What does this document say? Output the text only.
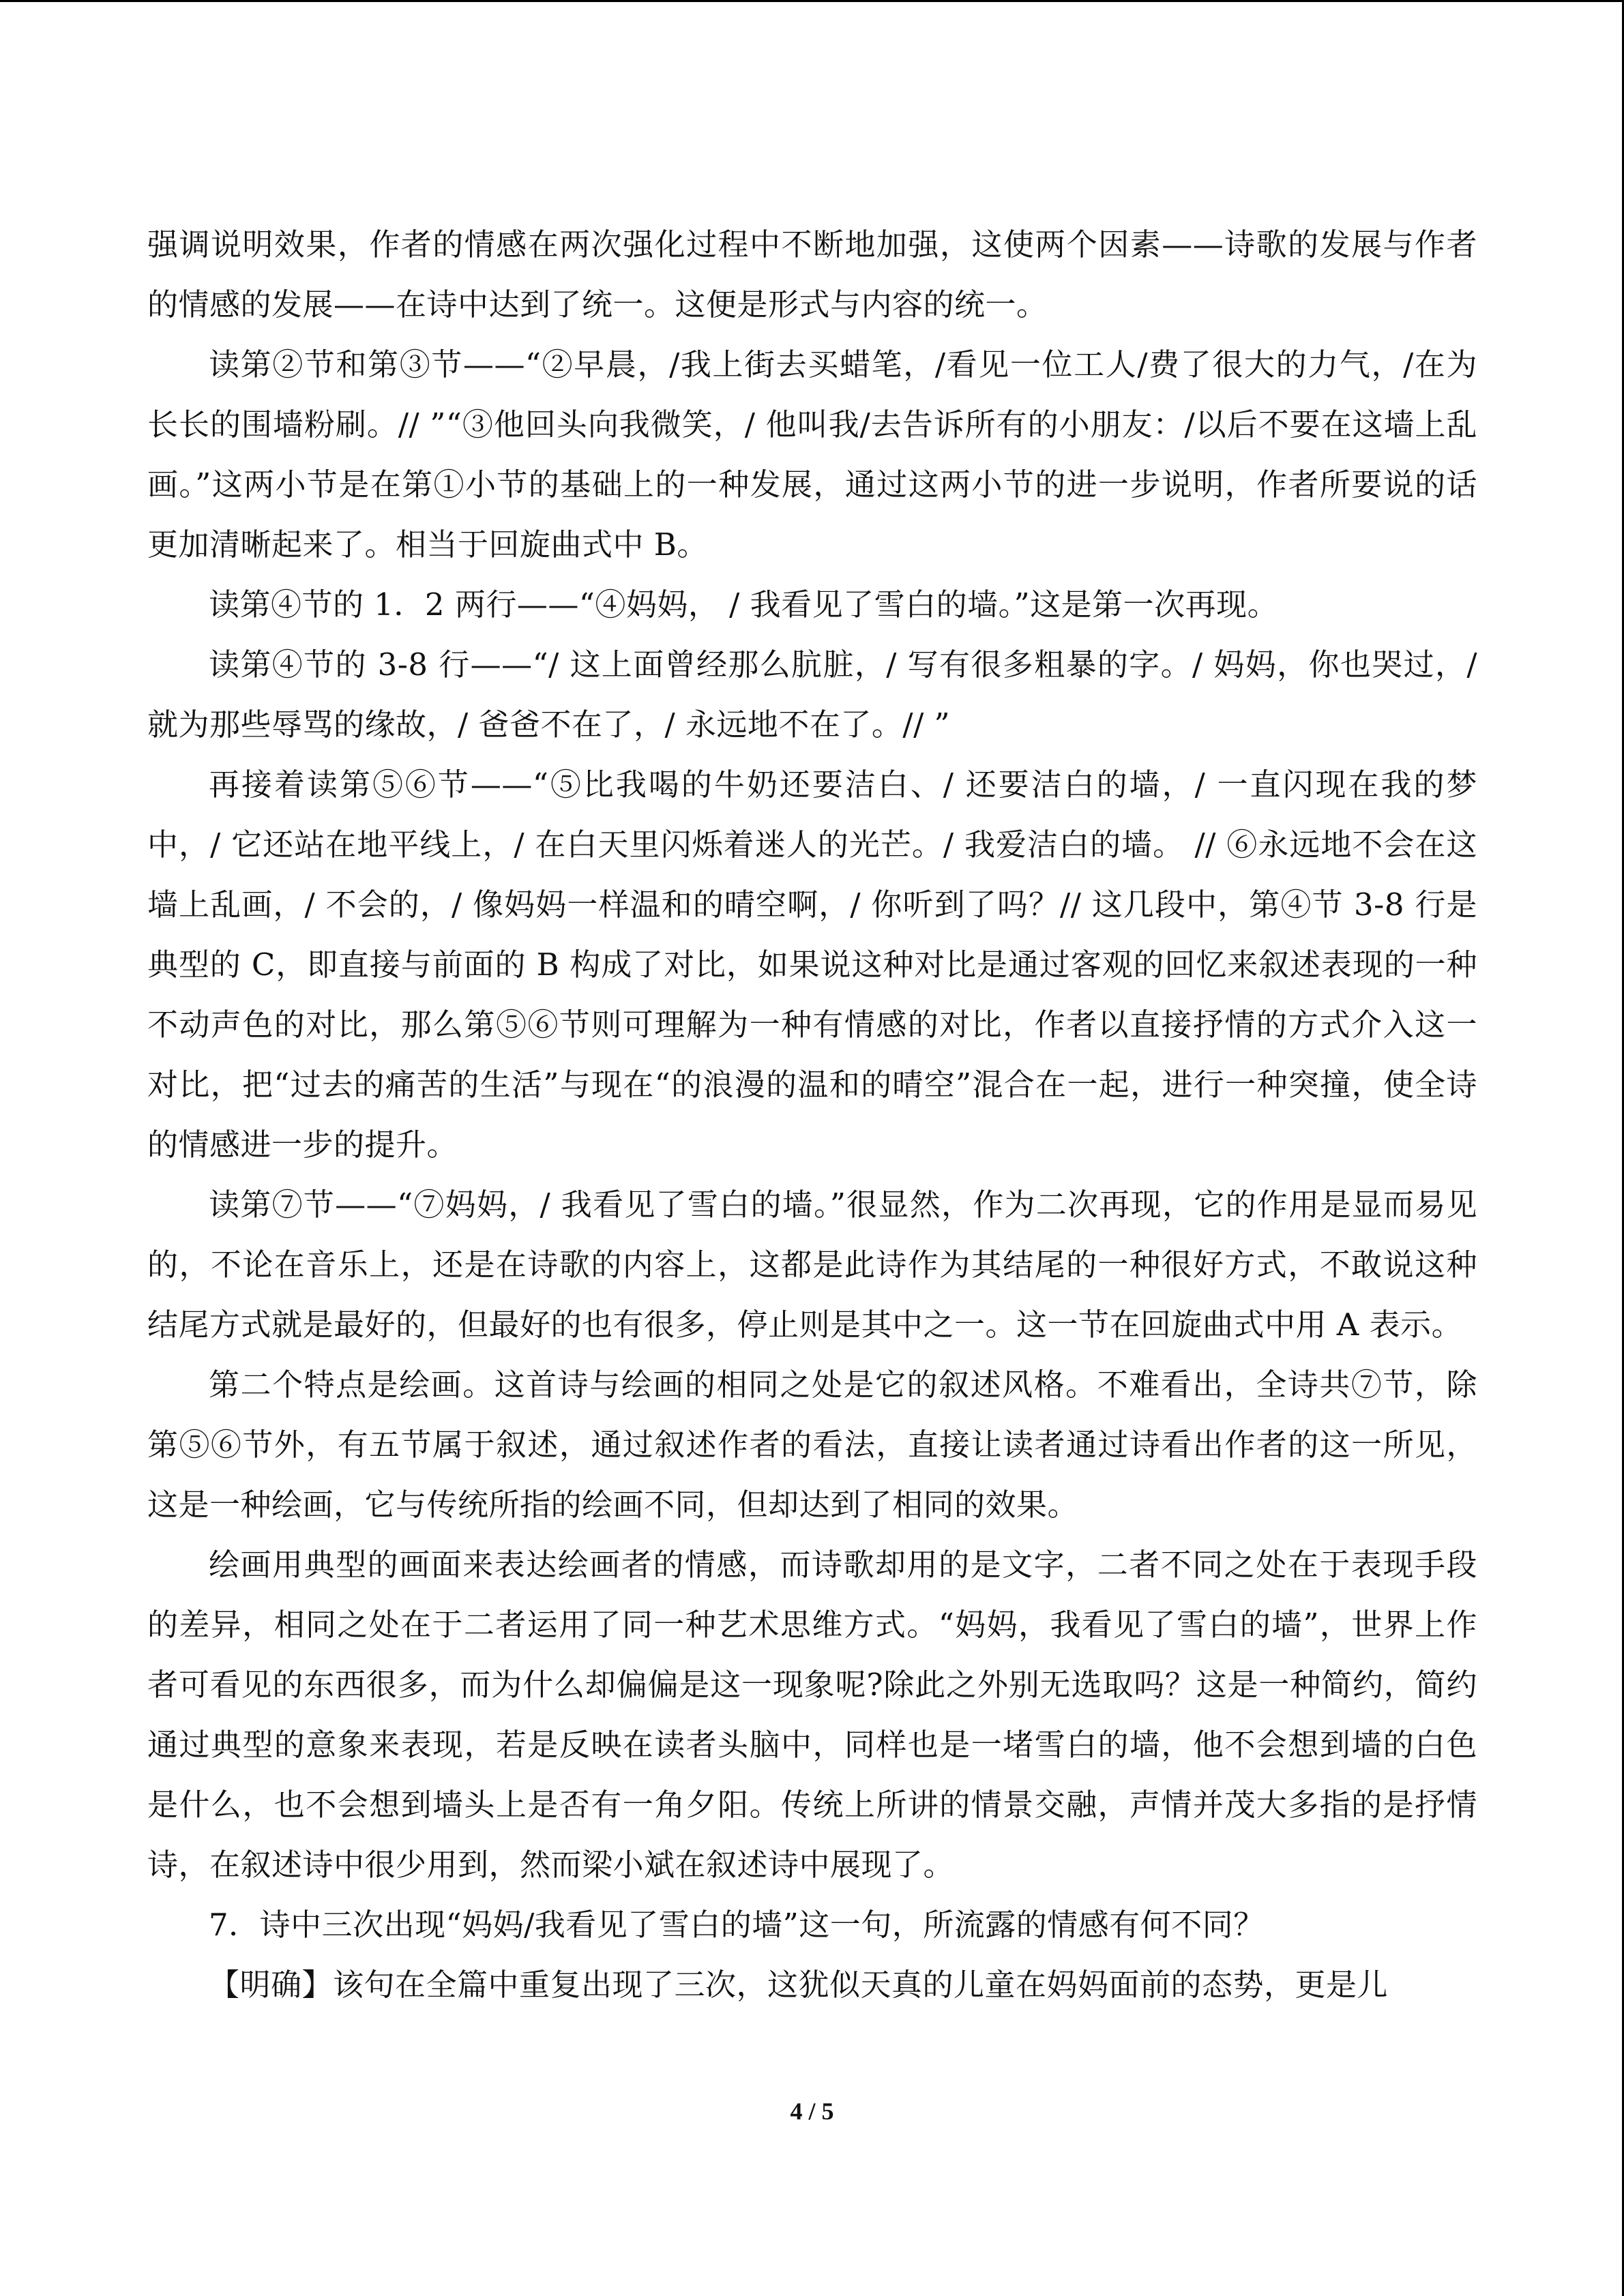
强调说明效果，作者的情感在两次强化过程中不断地加强，这使两个因素——诗歌的发展与作者的情感的发展——在诗中达到了统一。这便是形式与内容的统一。

读第②节和第③节——“②早晨，/我上街去买蜡笔，/看见一位工人/费了很大的力气，/在为长长的围墙粉刷。// ”“③他回头向我微笑，/ 他叫我/去告诉所有的小朋友：/以后不要在这墙上乱画。”这两小节是在第①小节的基础上的一种发展，通过这两小节的进一步说明，作者所要说的话更加清晰起来了。相当于回旋曲式中 B。

读第④节的 1．2 两行——“④妈妈， / 我看见了雪白的墙。”这是第一次再现。

读第④节的 3-8 行——“/ 这上面曾经那么肮脏，/ 写有很多粗暴的字。/ 妈妈，你也哭过，/ 就为那些辱骂的缘故，/ 爸爸不在了，/ 永远地不在了。// ”

再接着读第⑤⑥节——“⑤比我喝的牛奶还要洁白、/ 还要洁白的墙，/ 一直闪现在我的梦中，/ 它还站在地平线上，/ 在白天里闪烁着迷人的光芒。/ 我爱洁白的墙。 // ⑥永远地不会在这墙上乱画，/ 不会的，/ 像妈妈一样温和的晴空啊，/ 你听到了吗？// 这几段中，第④节 3-8 行是典型的 C，即直接与前面的 B 构成了对比，如果说这种对比是通过客观的回忆来叙述表现的一种不动声色的对比，那么第⑤⑥节则可理解为一种有情感的对比，作者以直接抒情的方式介入这一对比，把“过去的痛苦的生活”与现在“的浪漫的温和的晴空”混合在一起，进行一种突撞，使全诗的情感进一步的提升。

读第⑦节——“⑦妈妈，/ 我看见了雪白的墙。”很显然，作为二次再现，它的作用是显而易见的，不论在音乐上，还是在诗歌的内容上，这都是此诗作为其结尾的一种很好方式，不敢说这种结尾方式就是最好的，但最好的也有很多，停止则是其中之一。这一节在回旋曲式中用 A 表示。

第二个特点是绘画。这首诗与绘画的相同之处是它的叙述风格。不难看出，全诗共⑦节，除第⑤⑥节外，有五节属于叙述，通过叙述作者的看法，直接让读者通过诗看出作者的这一所见，这是一种绘画，它与传统所指的绘画不同，但却达到了相同的效果。

绘画用典型的画面来表达绘画者的情感，而诗歌却用的是文字，二者不同之处在于表现手段的差异，相同之处在于二者运用了同一种艺术思维方式。“妈妈，我看见了雪白的墙”，世界上作者可看见的东西很多，而为什么却偏偏是这一现象呢?除此之外别无选取吗？这是一种简约，简约通过典型的意象来表现，若是反映在读者头脑中，同样也是一堵雪白的墙，他不会想到墙的白色是什么，也不会想到墙头上是否有一角夕阳。传统上所讲的情景交融，声情并茂大多指的是抒情诗，在叙述诗中很少用到，然而梁小斌在叙述诗中展现了。

7．诗中三次出现“妈妈/我看见了雪白的墙”这一句，所流露的情感有何不同？

【明确】该句在全篇中重复出现了三次，这犹似天真的儿童在妈妈面前的态势，更是儿

4 / 5
